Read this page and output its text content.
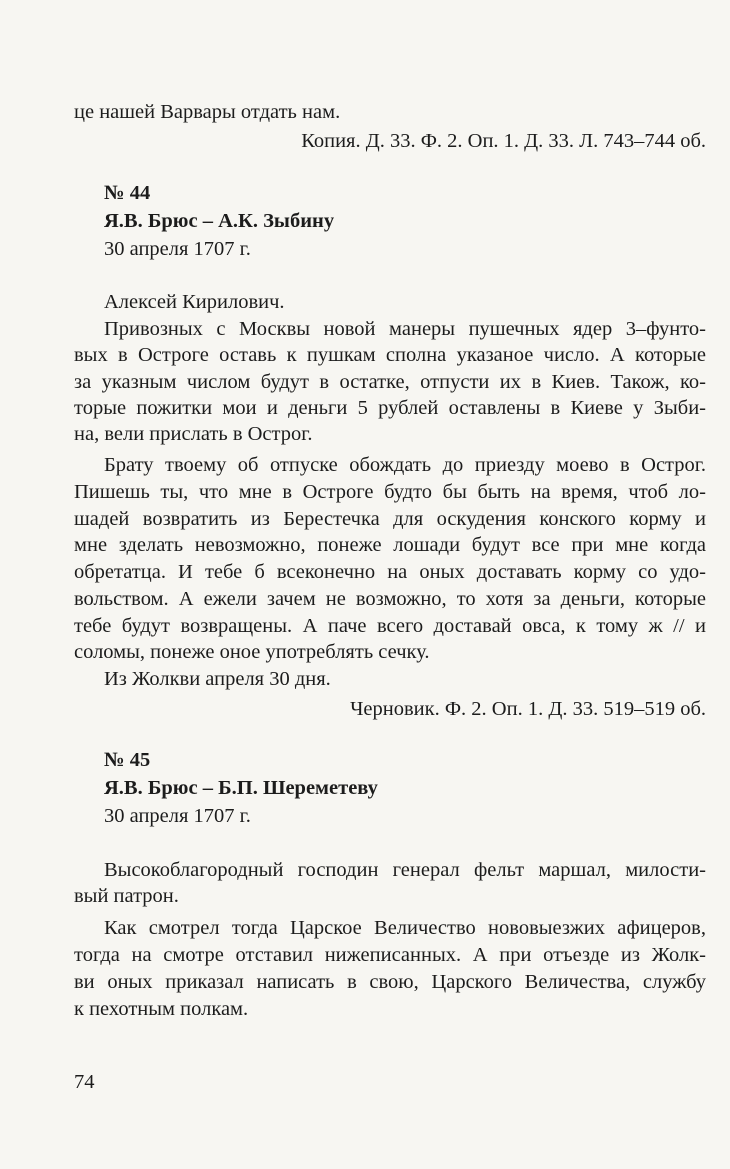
це нашей Варвары отдать нам.

Копия. Д. 33. Ф. 2. Оп. 1. Д. 33. Л. 743–744 об.

№ 44

Я.В. Брюс – А.К. Зыбину

30 апреля 1707 г.

Алексей Кирилович.

Привозных с Москвы новой манеры пушечных ядер 3–фунто-

вых в Остроге оставь к пушкам сполна указаное число. А которые

за указным числом будут в остатке, отпусти их в Киев. Також, ко-

торые пожитки мои и деньги 5 рублей оставлены в Киеве у Зыби-

на, вели прислать в Острог.

Брату твоему об отпуске обождать до приезду моево в Острог.

Пишешь ты, что мне в Остроге будто бы быть на время, чтоб ло-

шадей возвратить из Берестечка для оскудения конского корму и

мне зделать невозможно, понеже лошади будут все при мне когда

обретатца. И тебе б всеконечно на оных доставать корму со удо-

вольством. А ежели зачем не возможно, то хотя за деньги, которые

тебе будут возвращены. А паче всего доставай овса, к тому ж // и

соломы, понеже оное употреблять сечку.

Из Жолкви апреля 30 дня.

Черновик. Ф. 2. Оп. 1. Д. 33. 519–519 об.

№ 45

Я.В. Брюс – Б.П. Шереметеву

30 апреля 1707 г.

Высокоблагородный господин генерал фельт маршал, милости-

вый патрон.

Как смотрел тогда Царское Величество нововыезжих афицеров,

тогда на смотре отставил нижеписанных. А при отъезде из Жолк-

ви оных приказал написать в свою, Царского Величества, службу

к пехотным полкам.

74
